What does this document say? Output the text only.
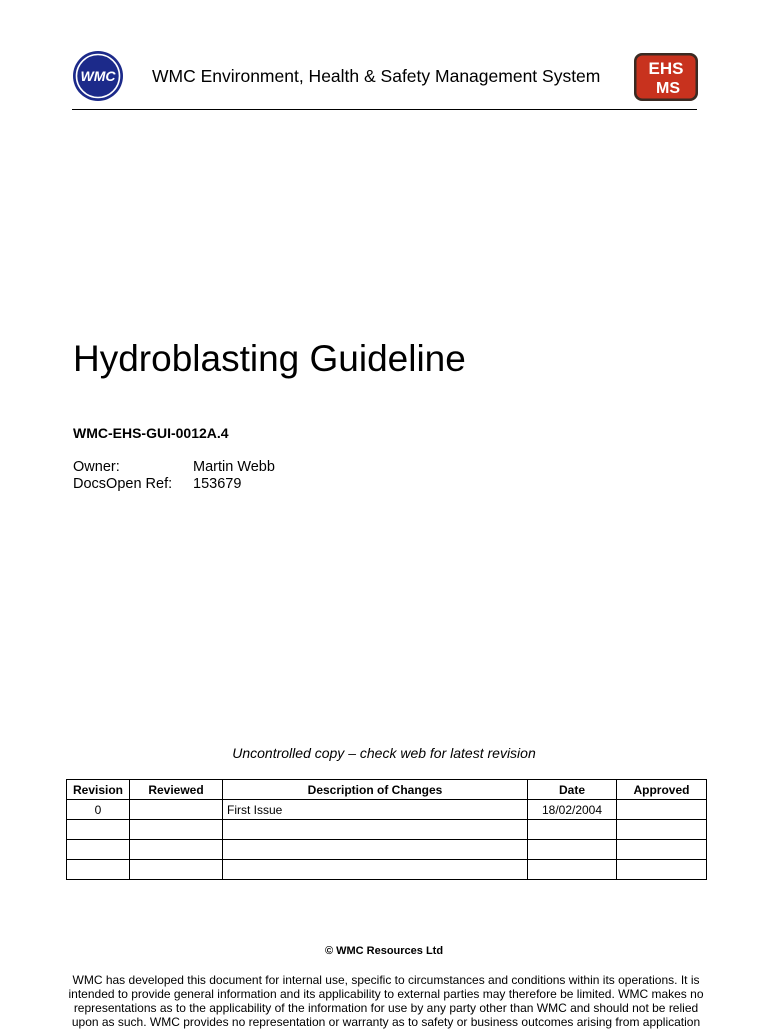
WMC WMC Environment, Health & Safety Management System	EHS
MS
Hydroblasting Guideline
WMC-EHS-GUI-0012A.4
Owner:	Martin Webb
DocsOpen Ref:	153679
Uncontrolled copy – check web for latest revision
Revision	Reviewed	Description of Changes	Date	Approved
0		First Issue	18/02/2004	

© WMC Resources Ltd
WMC has developed this document for internal use, specific to circumstances and conditions within its operations. It is intended to provide general information and its applicability to external parties may therefore be limited. WMC makes no representations as to the applicability of the information for use by any party other than WMC and should not be relied upon as such. WMC provides no representation or warranty as to safety or business outcomes arising from application
